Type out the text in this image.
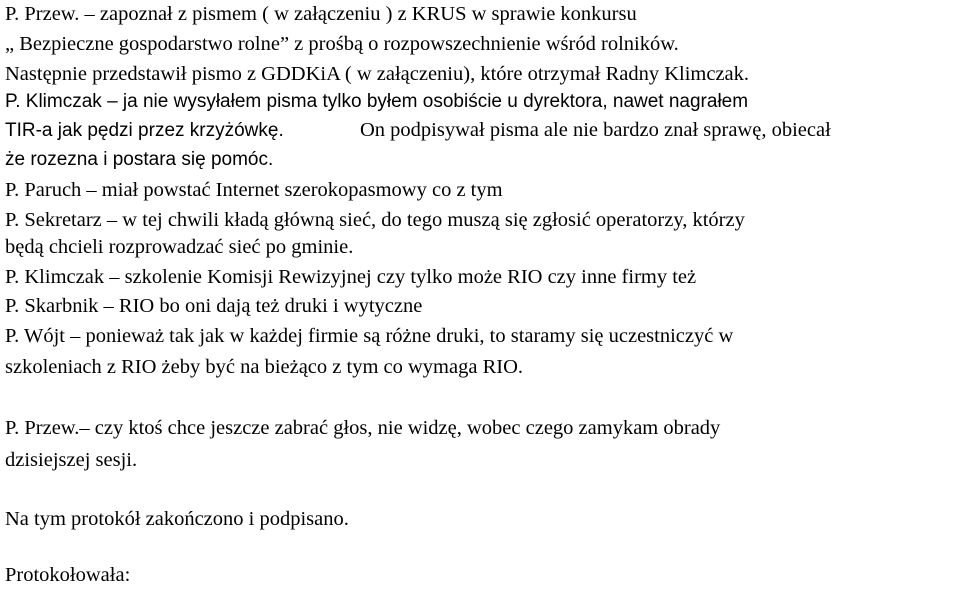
P. Przew. – zapoznał z pismem ( w załączeniu ) z KRUS w sprawie konkursu
„ Bezpieczne gospodarstwo rolne” z prośbą o rozpowszechnienie wśród rolników.
Następnie przedstawił pismo z GDDKiA ( w załączeniu), które otrzymał Radny Klimczak.
P. Klimczak – ja nie wysyłałem pisma tylko byłem osobiście u dyrektora, nawet nagrałem
TIR-a jak pędzi przez krzyżówkę.	On podpisywał pisma ale nie bardzo znał sprawę, obiecał
że rozezna i postara się pomóc.
P. Paruch – miał powstać Internet szerokopasmowy co z tym
P. Sekretarz – w tej chwili kładą główną sieć, do tego muszą się zgłosić operatorzy, którzy
będą chcieli rozprowadzać sieć po gminie.
P. Klimczak – szkolenie Komisji Rewizyjnej czy tylko może RIO czy inne firmy też
P. Skarbnik – RIO bo oni dają też druki i wytyczne
P. Wójt – ponieważ tak jak w każdej firmie są różne druki, to staramy się uczestniczyć w
szkoleniach z RIO żeby być na bieżąco z tym co wymaga RIO.
P. Przew.– czy ktoś chce jeszcze zabrać głos, nie widzę, wobec czego zamykam obrady
dzisiejszej sesji.
Na tym protokół zakończono i podpisano.
Protokołowała:
